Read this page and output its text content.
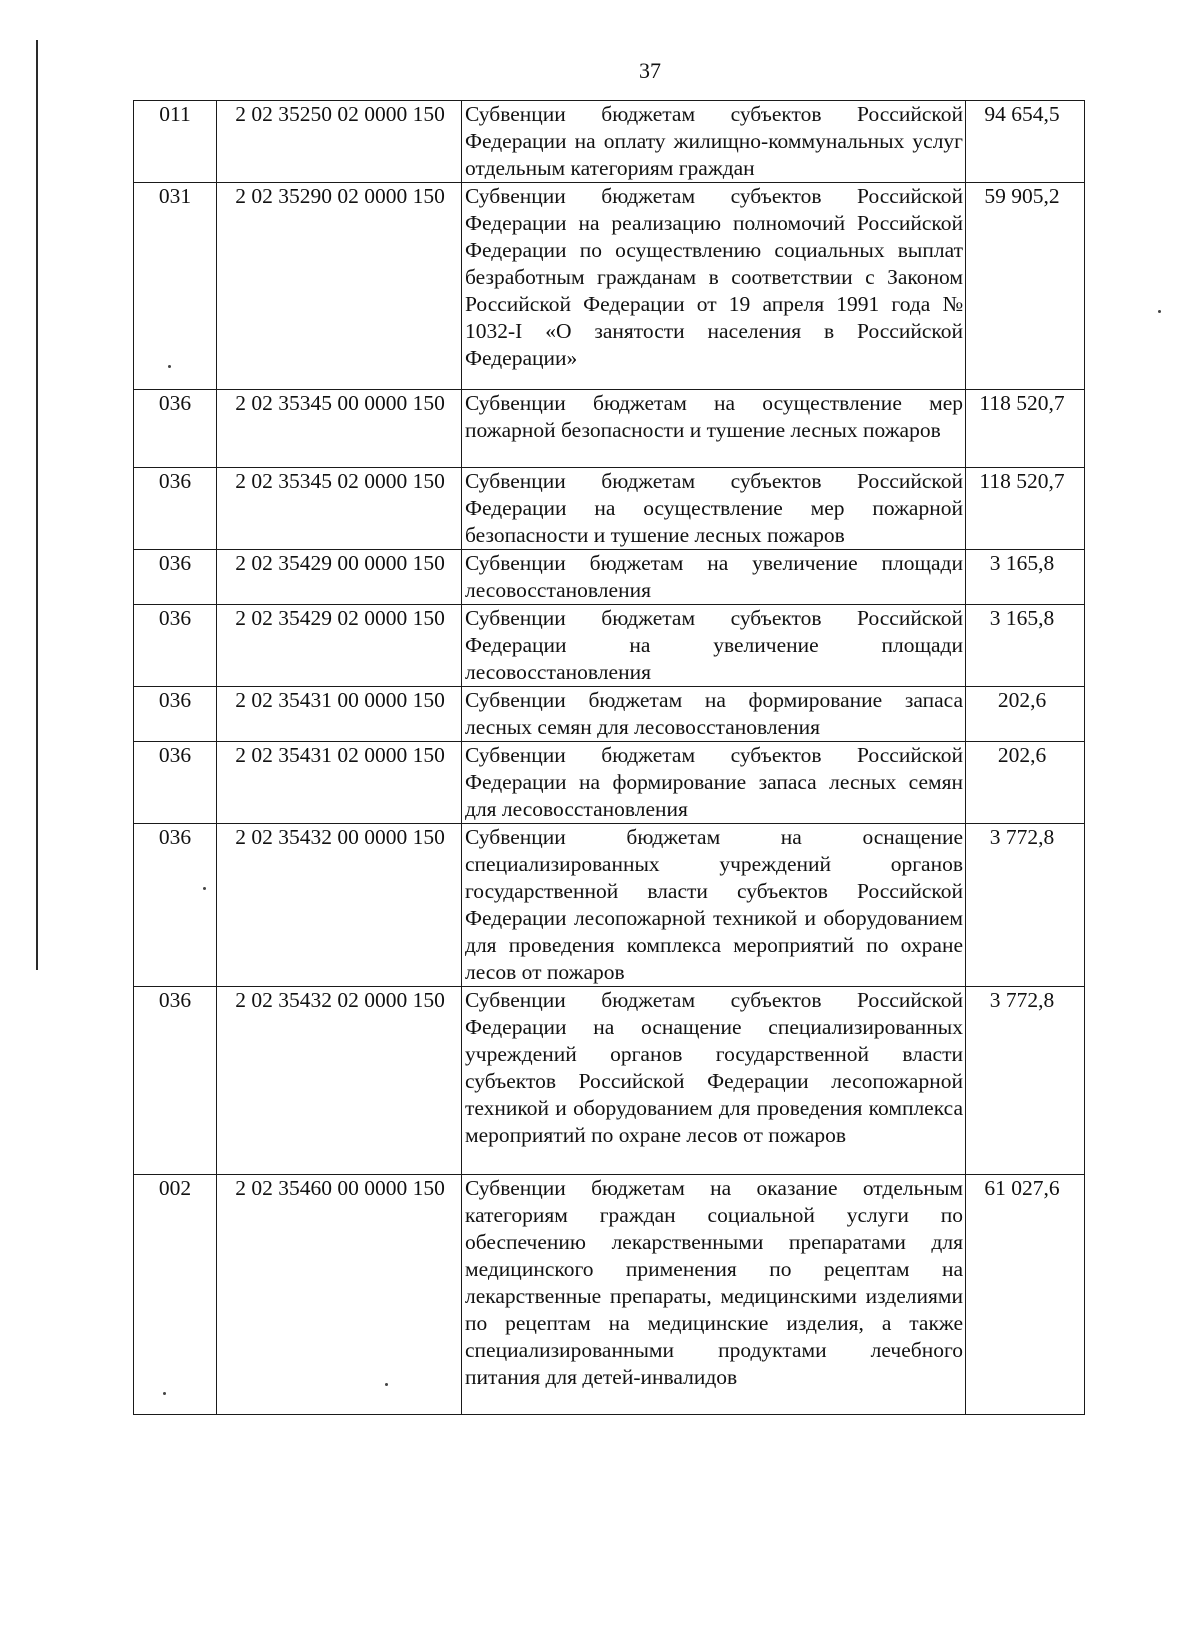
37
011	2 02 35250 02 0000 150	Субвенции бюджетам субъектов Российской Федерации на оплату жилищно-коммунальных услуг отдельным категориям граждан	94 654,5
031	2 02 35290 02 0000 150	Субвенции бюджетам субъектов Российской Федерации на реализацию полномочий Российской Федерации по осуществлению социальных выплат безработным гражданам в соответствии с Законом Российской Федерации от 19 апреля 1991 года № 1032-I «О занятости населения в Российской Федерации»	59 905,2
036	2 02 35345 00 0000 150	Субвенции бюджетам на осуществление мер пожарной безопасности и тушение лесных пожаров	118 520,7
036	2 02 35345 02 0000 150	Субвенции бюджетам субъектов Российской Федерации на осуществление мер пожарной безопасности и тушение лесных пожаров	118 520,7
036	2 02 35429 00 0000 150	Субвенции бюджетам на увеличение площади лесовосстановления	3 165,8
036	2 02 35429 02 0000 150	Субвенции бюджетам субъектов Российской Федерации на увеличение площади лесовосстановления	3 165,8
036	2 02 35431 00 0000 150	Субвенции бюджетам на формирование запаса лесных семян для лесовосстановления	202,6
036	2 02 35431 02 0000 150	Субвенции бюджетам субъектов Российской Федерации на формирование запаса лесных семян для лесовосстановления	202,6
036	2 02 35432 00 0000 150	Субвенции бюджетам на оснащение специализированных учреждений органов государственной власти субъектов Российской Федерации лесопожарной техникой и оборудованием для проведения комплекса мероприятий по охране лесов от пожаров	3 772,8
036	2 02 35432 02 0000 150	Субвенции бюджетам субъектов Российской Федерации на оснащение специализированных учреждений органов государственной власти субъектов Российской Федерации лесопожарной техникой и оборудованием для проведения комплекса мероприятий по охране лесов от пожаров	3 772,8
002	2 02 35460 00 0000 150	Субвенции бюджетам на оказание отдельным категориям граждан социальной услуги по обеспечению лекарственными препаратами для медицинского применения по рецептам на лекарственные препараты, медицинскими изделиями по рецептам на медицинские изделия, а также специализированными продуктами лечебного питания для детей-инвалидов	61 027,6
